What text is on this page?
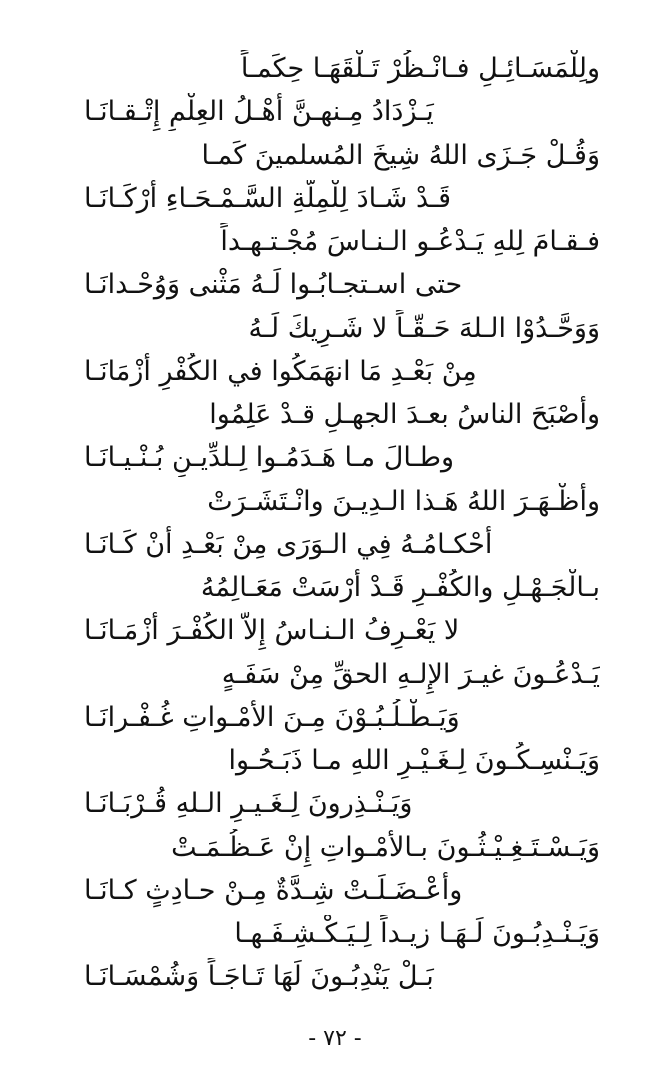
ولِلْمَسَـائِـلِ فـانْـظُرْ تَـلْقَهَـا حِكَمـاً
يَـزْدَادُ مِـنهـنَّ أَهْـلُ العِلْمِ إِتْـقـانَـا
وَقُـلْ جَـزَى اللهُ شِيخَ المُسلمينَ كَمـا
قَـدْ شَـادَ لِلْمِلَّةِ السَّـمْـحَـاءِ أَرْكَـانَـا
فـقـامَ لِلهِ يَـدْعُـو الـنـاسَ مُجْـتـهـداً
حتى اسـتجـابُـوا لَـهُ مَثْنى وَوُحْـدانَـا
وَوَحَّـدُوْا الـلهَ حَـقّـاً لا شَـرِيكَ لَـهُ
مِنْ بَعْـدِ مَا انهَمَكُوا في الكُفْرِ أَزْمَانَـا
وأَصْبَحَ الناسُ بعـدَ الجهـلِ قـدْ عَلِمُوا
وطـالَ مـا هَـدَمُـوا لِـلدِّيـنِ بُـنْـيـانَـا
وأظْـهَـرَ اللهُ هَـذا الـدِيـنَ وانْـتَشَـرَتْ
أَحْكـامُـهُ فِي الـوَرَى مِنْ بَعْـدِ أَنْ كَـانَـا
بـالْجَـهْـلِ والكُفْـرِ قَـدْ أَرْسَتْ مَعَـالِمُهُ
لا يَعْـرِفُ الـنـاسُ إِلاَّ الكُفْـرَ أَزْمَـانَـا
يَـدْعُـونَ غيـرَ الإِلـهِ الحقِّ مِنْ سَفَـهٍ
وَيَـطْـلُـبُـوْنَ مِـنَ الأَمْـواتِ غُـفْـرانَـا
وَيَـنْسِـكُـونَ لِـغَـيْـرِ اللهِ مـا ذَبَـحُـوا
وَيَـنْـذِرونَ لِـغَـيـرِ الـلهِ قُـرْبَـانَـا
وَيَـسْـتَـغِـيْـثُـونَ بـالأَمْـواتِ إِنْ عَـظُـمَـتْ
وأَعْـضَـلَـتْ شِـدَّةٌ مِـنْ حـادِثٍ كـانَـا
وَيَـنْـدِبُـونَ لَـهَـا زيـداً لِـيَـكْـشِـفَـهـا
بَـلْ يَنْدِبُـونَ لَهَا تَـاجَـاً وَشُمْسَـانَـا
- ٧٢ -
